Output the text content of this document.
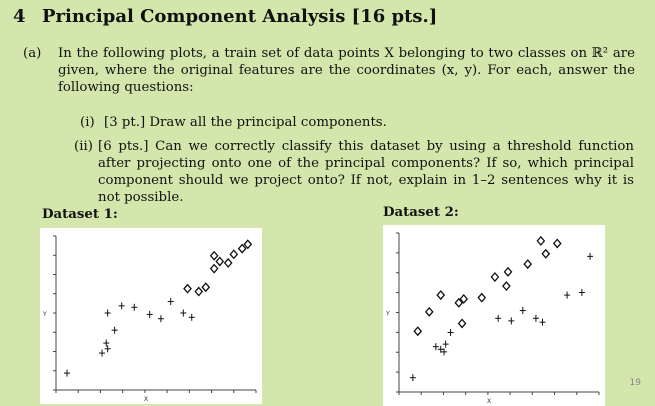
4 Principal Component Analysis [16 pts.]
(a) In the following plots, a train set of data points X belonging to two classes on ℝ² are given, where the original features are the coordinates (x, y). For each, answer the following questions:
(i) [3 pt.] Draw all the principal components.
(ii) [6 pts.] Can we correctly classify this dataset by using a threshold function after projecting onto one of the principal components? If so, which principal component should we project onto? If not, explain in 1–2 sentences why it is not possible.
Dataset 1:	Dataset 2:
Y
X
Y
X
19
